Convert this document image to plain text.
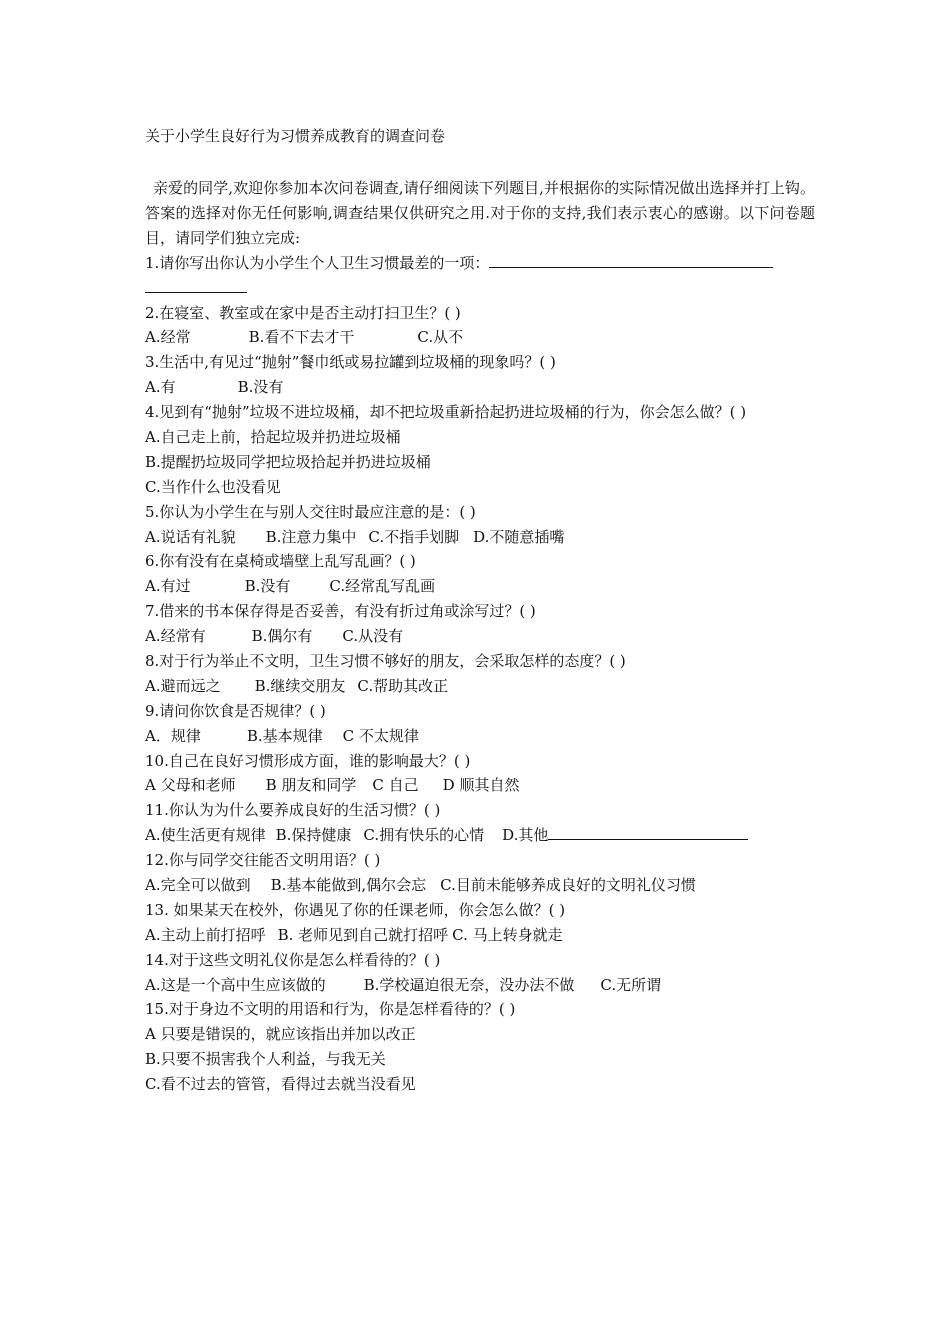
关于小学生良好行为习惯养成教育的调查问卷

亲爱的同学,欢迎你参加本次问卷调查,请仔细阅读下列题目,并根据你的实际情况做出选择并打上钩。答案的选择对你无任何影响,调查结果仅供研究之用.对于你的支持,我们表示衷心的感谢。以下问卷题目，请同学们独立完成:

1.请你写出你认为小学生个人卫生习惯最差的一项：
2.在寝室、教室或在家中是否主动打扫卫生？( )
A.经常	B.看不下去才干	C.从不
3.生活中,有见过“抛射”餐巾纸或易拉罐到垃圾桶的现象吗？( )
A.有	B.没有
4.见到有“抛射”垃圾不进垃圾桶，却不把垃圾重新拾起扔进垃圾桶的行为，你会怎么做？( )
A.自己走上前，拾起垃圾并扔进垃圾桶
B.提醒扔垃圾同学把垃圾拾起并扔进垃圾桶
C.当作什么也没看见
5.你认为小学生在与别人交往时最应注意的是：( )
A.说话有礼貌 B.注意力集中 C.不指手划脚 D.不随意插嘴
6.你有没有在桌椅或墙壁上乱写乱画？( )
A.有过	B.没有	C.经常乱写乱画
7.借来的书本保存得是否妥善，有没有折过角或涂写过？( )
A.经常有	B.偶尔有 C.从没有
8.对于行为举止不文明，卫生习惯不够好的朋友，会采取怎样的态度？( )
A.避而远之 B.继续交朋友 C.帮助其改正
9.请问你饮食是否规律？( )
A．规律	B.基本规律 C 不太规律
10.自己在良好习惯形成方面，谁的影响最大？( )
A 父母和老师 B 朋友和同学 C 自己 D 顺其自然
11.你认为为什么要养成良好的生活习惯？( )
A.使生活更有规律 B.保持健康 C.拥有快乐的心情 D.其他
12.你与同学交往能否文明用语？( )
A.完全可以做到 B.基本能做到,偶尔会忘 C.目前未能够养成良好的文明礼仪习惯
13. 如果某天在校外，你遇见了你的任课老师，你会怎么做？( )
A.主动上前打招呼 B. 老师见到自己就打招呼 C. 马上转身就走
14.对于这些文明礼仪你是怎么样看待的？( )
A.这是一个高中生应该做的	B.学校逼迫很无奈，没办法不做 C.无所谓
15.对于身边不文明的用语和行为，你是怎样看待的？( )
A 只要是错误的，就应该指出并加以改正
B.只要不损害我个人利益，与我无关
C.看不过去的管管，看得过去就当没看见
